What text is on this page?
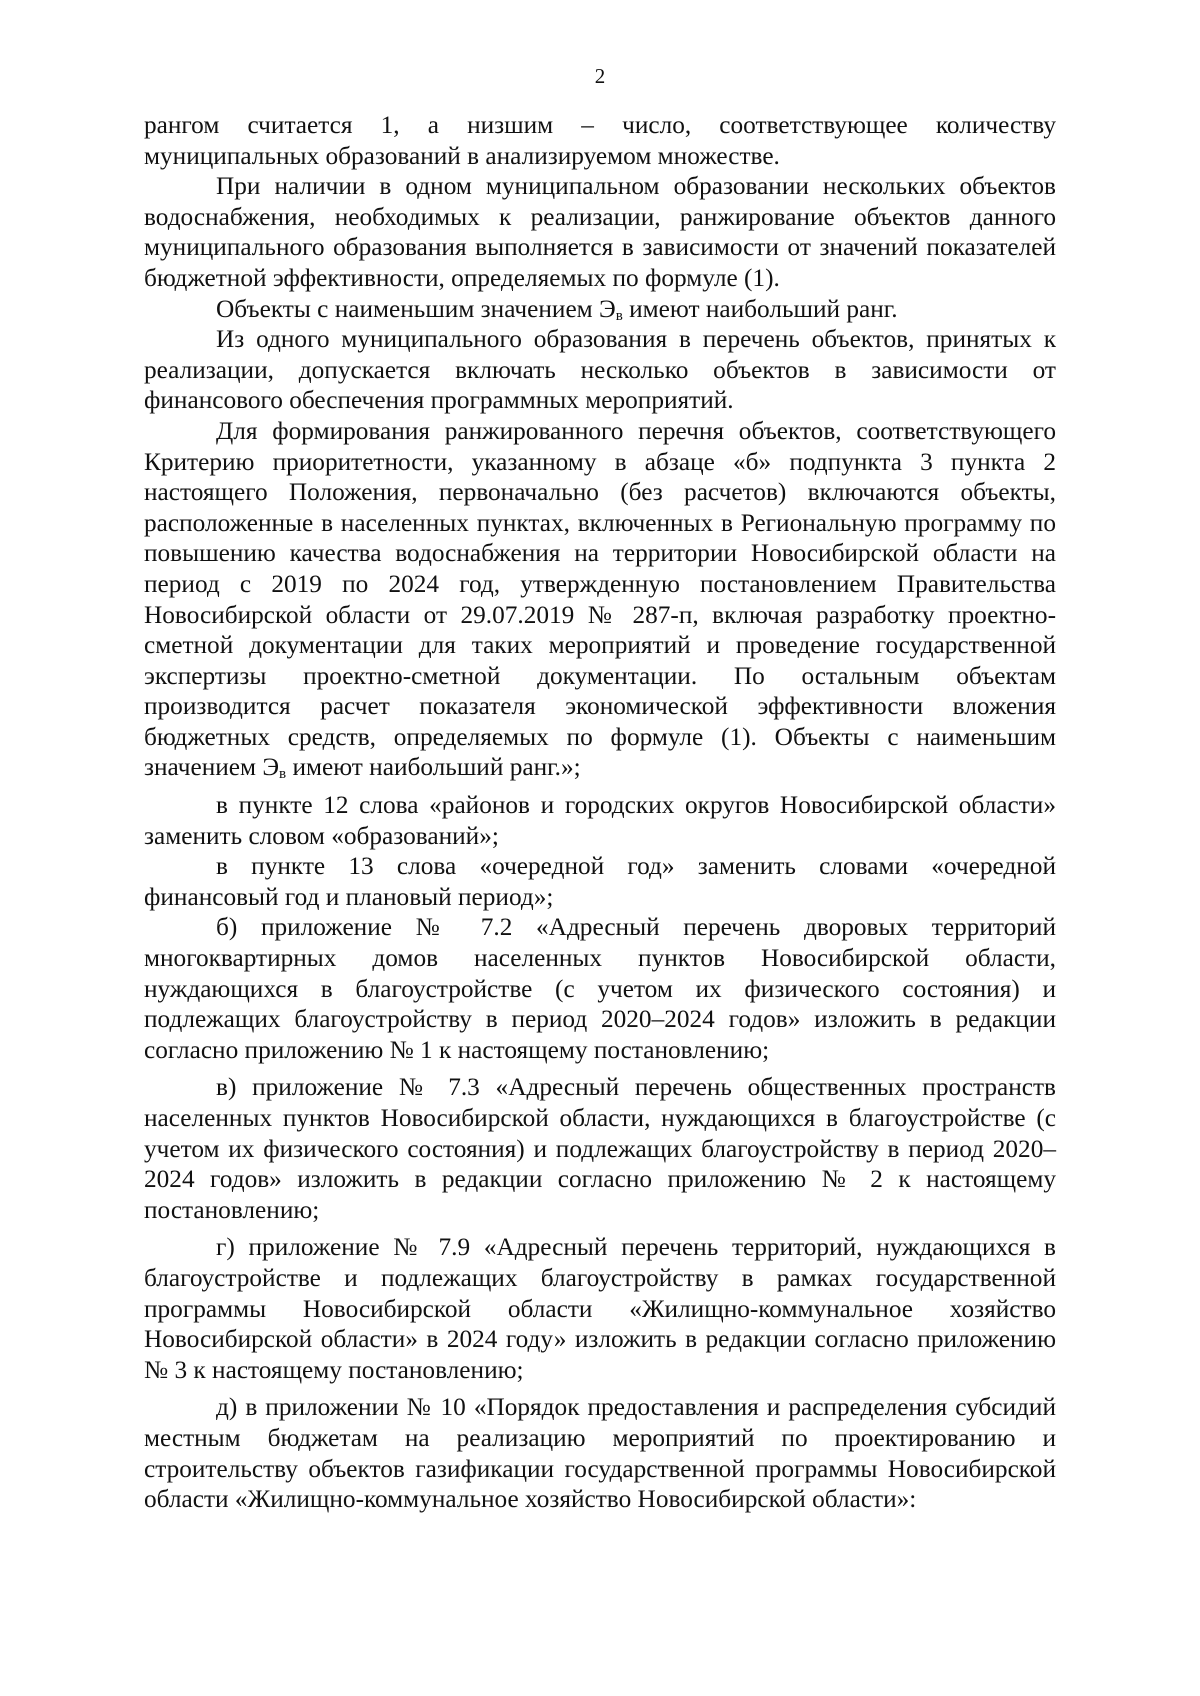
2

рангом считается 1, а низшим – число, соответствующее количеству муниципальных образований в анализируемом множестве.

При наличии в одном муниципальном образовании нескольких объектов водоснабжения, необходимых к реализации, ранжирование объектов данного муниципального образования выполняется в зависимости от значений показателей бюджетной эффективности, определяемых по формуле (1).

Объекты с наименьшим значением $Э_в$ имеют наибольший ранг.

Из одного муниципального образования в перечень объектов, принятых к реализации, допускается включать несколько объектов в зависимости от финансового обеспечения программных мероприятий.

Для формирования ранжированного перечня объектов, соответствующего Критерию приоритетности, указанному в абзаце «б» подпункта 3 пункта 2 настоящего Положения, первоначально (без расчетов) включаются объекты, расположенные в населенных пунктах, включенных в Региональную программу по повышению качества водоснабжения на территории Новосибирской области на период с 2019 по 2024 год, утвержденную постановлением Правительства Новосибирской области от 29.07.2019 № 287-п, включая разработку проектно-сметной документации для таких мероприятий и проведение государственной экспертизы проектно-сметной документации. По остальным объектам производится расчет показателя экономической эффективности вложения бюджетных средств, определяемых по формуле (1). Объекты с наименьшим значением $Э_в$ имеют наибольший ранг.»;

в пункте 12 слова «районов и городских округов Новосибирской области» заменить словом «образований»;

в пункте 13 слова «очередной год» заменить словами «очередной финансовый год и плановый период»;

б) приложение № 7.2 «Адресный перечень дворовых территорий многоквартирных домов населенных пунктов Новосибирской области, нуждающихся в благоустройстве (с учетом их физического состояния) и подлежащих благоустройству в период 2020–2024 годов» изложить в редакции согласно приложению № 1 к настоящему постановлению;

в) приложение № 7.3 «Адресный перечень общественных пространств населенных пунктов Новосибирской области, нуждающихся в благоустройстве (с учетом их физического состояния) и подлежащих благоустройству в период 2020–2024 годов» изложить в редакции согласно приложению № 2 к настоящему постановлению;

г) приложение № 7.9 «Адресный перечень территорий, нуждающихся в благоустройстве и подлежащих благоустройству в рамках государственной программы Новосибирской области «Жилищно-коммунальное хозяйство Новосибирской области» в 2024 году» изложить в редакции согласно приложению № 3 к настоящему постановлению;

д) в приложении № 10 «Порядок предоставления и распределения субсидий местным бюджетам на реализацию мероприятий по проектированию и строительству объектов газификации государственной программы Новосибирской области «Жилищно-коммунальное хозяйство Новосибирской области»:
